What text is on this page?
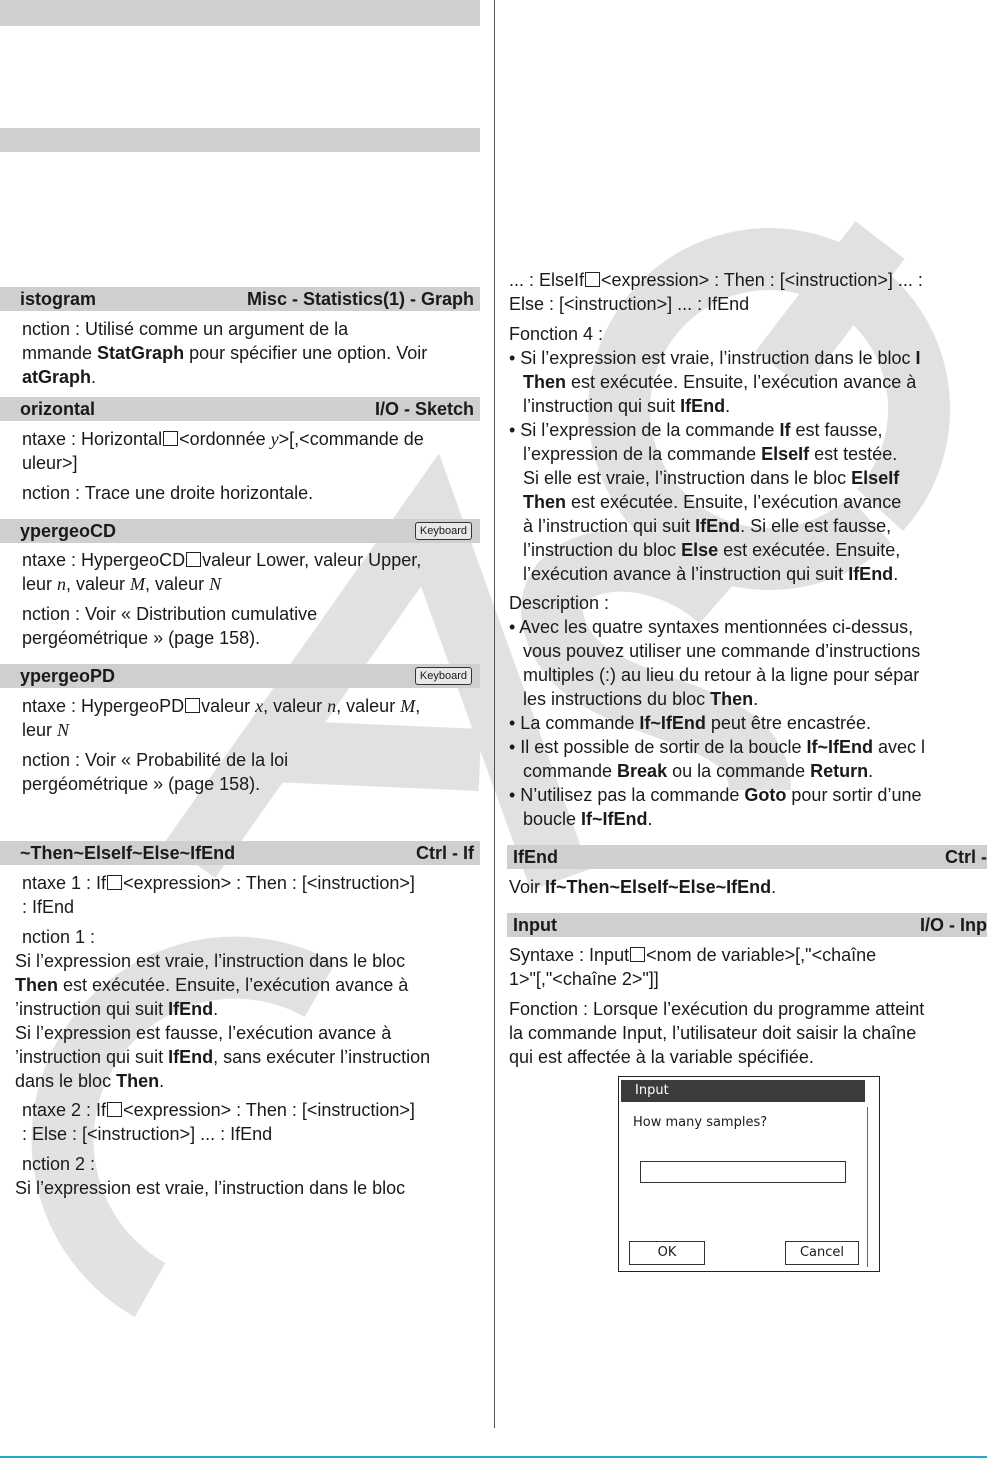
istogram	Misc - Statistics(1) - Graph
nction : Utilisé comme un argument de la
mmande StatGraph pour spécifier une option. Voir
atGraph.
orizontal	I/O - Sketch
ntaxe : Horizontal <ordonnée y>[,<commande de
uleur>]
nction : Trace une droite horizontale.
ypergeoCD	Keyboard
ntaxe : HypergeoCD valeur Lower, valeur Upper,
leur n, valeur M, valeur N
nction : Voir « Distribution cumulative
pergéométrique » (page 158).
ypergeoPD	Keyboard
ntaxe : HypergeoPD valeur x, valeur n, valeur M,
leur N
nction : Voir « Probabilité de la loi
pergéométrique » (page 158).
~Then~ElseIf~Else~IfEnd	Ctrl - If
ntaxe 1 : If <expression> : Then : [<instruction>]
: IfEnd
nction 1 :
Si l’expression est vraie, l’instruction dans le bloc
Then est exécutée. Ensuite, l’exécution avance à
’instruction qui suit IfEnd.
Si l’expression est fausse, l’exécution avance à
’instruction qui suit IfEnd, sans exécuter l’instruction
dans le bloc Then.
ntaxe 2 : If <expression> : Then : [<instruction>]
: Else : [<instruction>] ... : IfEnd
nction 2 :
Si l’expression est vraie, l’instruction dans le bloc
... : ElseIf <expression> : Then : [<instruction>] ... :
Else : [<instruction>] ... : IfEnd
Fonction 4 :
• Si l’expression est vraie, l’instruction dans le bloc I
Then est exécutée. Ensuite, l’exécution avance à
l’instruction qui suit IfEnd.
• Si l’expression de la commande If est fausse,
l’expression de la commande ElseIf est testée.
Si elle est vraie, l’instruction dans le bloc ElseIf
Then est exécutée. Ensuite, l’exécution avance
à l’instruction qui suit IfEnd. Si elle est fausse,
l’instruction du bloc Else est exécutée. Ensuite,
l’exécution avance à l’instruction qui suit IfEnd.
Description :
• Avec les quatre syntaxes mentionnées ci-dessus,
vous pouvez utiliser une commande d’instructions
multiples (:) au lieu du retour à la ligne pour sépar
les instructions du bloc Then.
• La commande If~IfEnd peut être encastrée.
• Il est possible de sortir de la boucle If~IfEnd avec l
commande Break ou la commande Return.
• N’utilisez pas la commande Goto pour sortir d’une
boucle If~IfEnd.
IfEnd	Ctrl -
Voir If~Then~ElseIf~Else~IfEnd.
Input	I/O - Inp
Syntaxe : Input <nom de variable>[,"<chaîne
1>"[,"<chaîne 2>"]]
Fonction : Lorsque l’exécution du programme atteint
la commande Input, l’utilisateur doit saisir la chaîne
qui est affectée à la variable spécifiée.
Input
How many samples?
OK	Cancel
